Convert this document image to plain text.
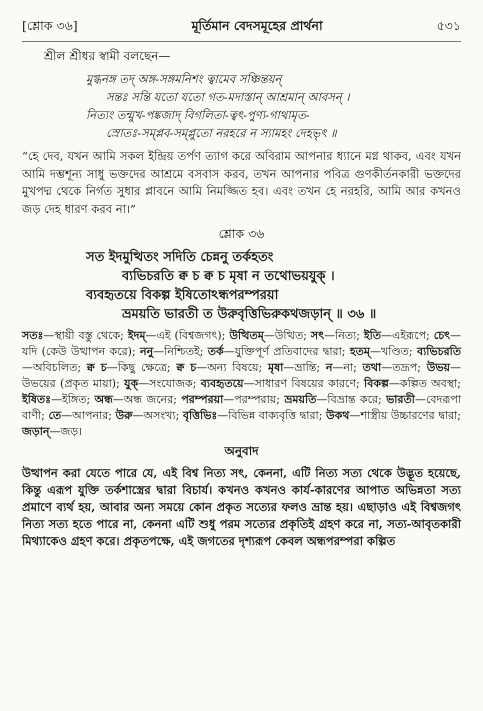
[শ্লোক ৩৬]	মূর্তিমান বেদসমূহের প্রার্থনা	৫৩১
শ্রীল শ্রীধর স্বামী বলছেন—
মুগ্ধনঙ্গ তদ্ অঙ্গ-সঙ্গমনিশং ত্বামেব সঞ্চিন্তয়ন্
সন্তঃ সন্তি যতো যতো গত-মদাস্তান্ আশ্রমান্ আবসন্ ।
নিত্যং তন্মুখ-পঙ্কজাদ্ বিগলিতা-ত্বৎ-পুণ্য-গাথামৃত-
স্রোতঃ-সম্প্লব-সম্প্লুতো নরহরে ন স্যামহং দেহভৃৎ ॥
“হে দেব, যখন আমি সকল ইন্দ্রিয় তর্পণ ত্যাগ করে অবিরাম আপনার ধ্যানে মগ্ন থাকব, এবং যখন আমি দম্ভশূন্য সাধু ভক্তদের আশ্রমে বসবাস করব, তখন আপনার পবিত্র গুণকীর্তনকারী ভক্তদের মুখপদ্ম থেকে নির্গত সুধার প্লাবনে আমি নিমজ্জিত হব। এবং তখন হে নরহরি, আমি আর কখনও জড় দেহ ধারণ করব না।”
শ্লোক ৩৬
সত ইদমুত্থিতং সদিতি চেন্ননু তর্কহতং
ব্যভিচরতি ক্ব চ ক্ব চ মৃষা ন তথোভয়যুক্ ।
ব্যবহৃতয়ে বিকল্প ইষিতোঽন্ধপরম্পরয়া
ভ্রময়তি ভারতী ত উরুবৃত্তিভিরুকথজড়ান্ ॥ ৩৬ ॥
সতঃ—স্থায়ী বস্তু থেকে; ইদম্—এই (বিশ্বজগৎ); উত্থিতম্—উত্থিত; সৎ—নিত্য; ইতি—এইরূপে; চেৎ—যদি (কেউ উত্থাপন করে); ননু—নিশ্চিতই; তর্ক—যুক্তিপূর্ণ প্রতিবাদের দ্বারা; হতম্—খণ্ডিত; ব্যভিচরতি—অবিচলিত; ক্ব চ—কিছু ক্ষেত্রে; ক্ব চ—অন্য বিষয়ে; মৃষা—ভ্রান্তি; ন—না; তথা—তদ্রূপ; উভয়—উভয়ের (প্রকৃত মায়া); যুক্—সংযোজক; ব্যবহৃতয়ে—সাধারণ বিষয়ের কারণে; বিকল্প—কল্পিত অবস্থা; ইষিতঃ—ইঙ্গিত; অন্ধ—অন্ধ জনের; পরম্পরয়া—পরম্পরায়; ভ্রময়তি—বিভ্রান্ত করে; ভারতী—বেদরূপা বাণী; তে—আপনার; উরু—অসংখ্য; বৃত্তিভিঃ—বিভিন্ন বাক্যবৃত্তি দ্বারা; উকথ—শাস্ত্রীয় উচ্চারণের দ্বারা; জড়ান্—জড়।
অনুবাদ
উত্থাপন করা যেতে পারে যে, এই বিশ্ব নিত্য সৎ, কেননা, এটি নিত্য সত্য থেকে উদ্ভূত হয়েছে, কিন্তু এরূপ যুক্তি তর্কশাস্ত্রের দ্বারা বিচার্য। কখনও কখনও কার্য-কারণের আপাত অভিন্নতা সত্য প্রমাণে ব্যর্থ হয়, আবার অন্য সময়ে কোন প্রকৃত সত্যের ফলও ভ্রান্ত হয়। এছাড়াও এই বিশ্বজগৎ নিত্য সত্য হতে পারে না, কেননা এটি শুধু পরম সত্যের প্রকৃতিই গ্রহণ করে না, সত্য-আবৃতকারী মিথ্যাকেও গ্রহণ করে। প্রকৃতপক্ষে, এই জগতের দৃশ্যরূপ কেবল অন্ধপরম্পরা কল্পিত
